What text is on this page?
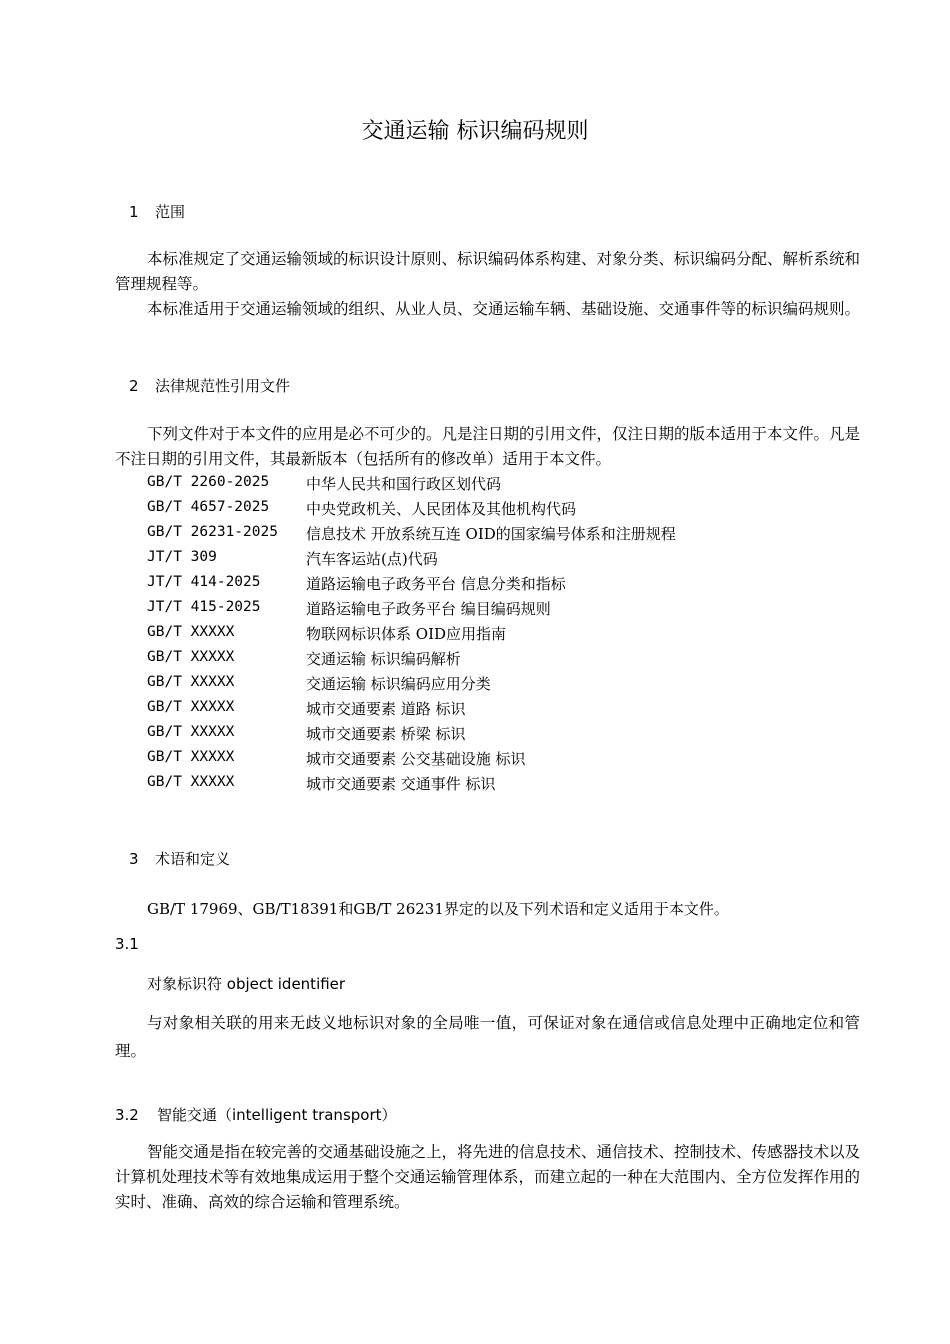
交通运输 标识编码规则
1 范围
本标准规定了交通运输领域的标识设计原则、标识编码体系构建、对象分类、标识编码分配、解析系统和管理规程等。
本标准适用于交通运输领域的组织、从业人员、交通运输车辆、基础设施、交通事件等的标识编码规则。
2 法律规范性引用文件
下列文件对于本文件的应用是必不可少的。凡是注日期的引用文件，仅注日期的版本适用于本文件。凡是不注日期的引用文件，其最新版本（包括所有的修改单）适用于本文件。
GB/T 2260-2025 中华人民共和国行政区划代码
GB/T 4657-2025 中央党政机关、人民团体及其他机构代码
GB/T 26231-2025 信息技术 开放系统互连 OID的国家编号体系和注册规程
JT/T 309	汽车客运站(点)代码
JT/T 414-2025	道路运输电子政务平台 信息分类和指标
JT/T 415-2025	道路运输电子政务平台 编目编码规则
GB/T XXXXX	物联网标识体系 OID应用指南
GB/T XXXXX	交通运输 标识编码解析
GB/T XXXXX	交通运输 标识编码应用分类
GB/T XXXXX	城市交通要素 道路 标识
GB/T XXXXX	城市交通要素 桥梁 标识
GB/T XXXXX	城市交通要素 公交基础设施 标识
GB/T XXXXX	城市交通要素 交通事件 标识
3 术语和定义
GB/T 17969、GB/T18391和GB/T 26231界定的以及下列术语和定义适用于本文件。
3.1
对象标识符 object identifier
与对象相关联的用来无歧义地标识对象的全局唯一值，可保证对象在通信或信息处理中正确地定位和管理。
3.2 智能交通（intelligent transport）
智能交通是指在较完善的交通基础设施之上，将先进的信息技术、通信技术、控制技术、传感器技术以及计算机处理技术等有效地集成运用于整个交通运输管理体系，而建立起的一种在大范围内、全方位发挥作用的实时、准确、高效的综合运输和管理系统。
